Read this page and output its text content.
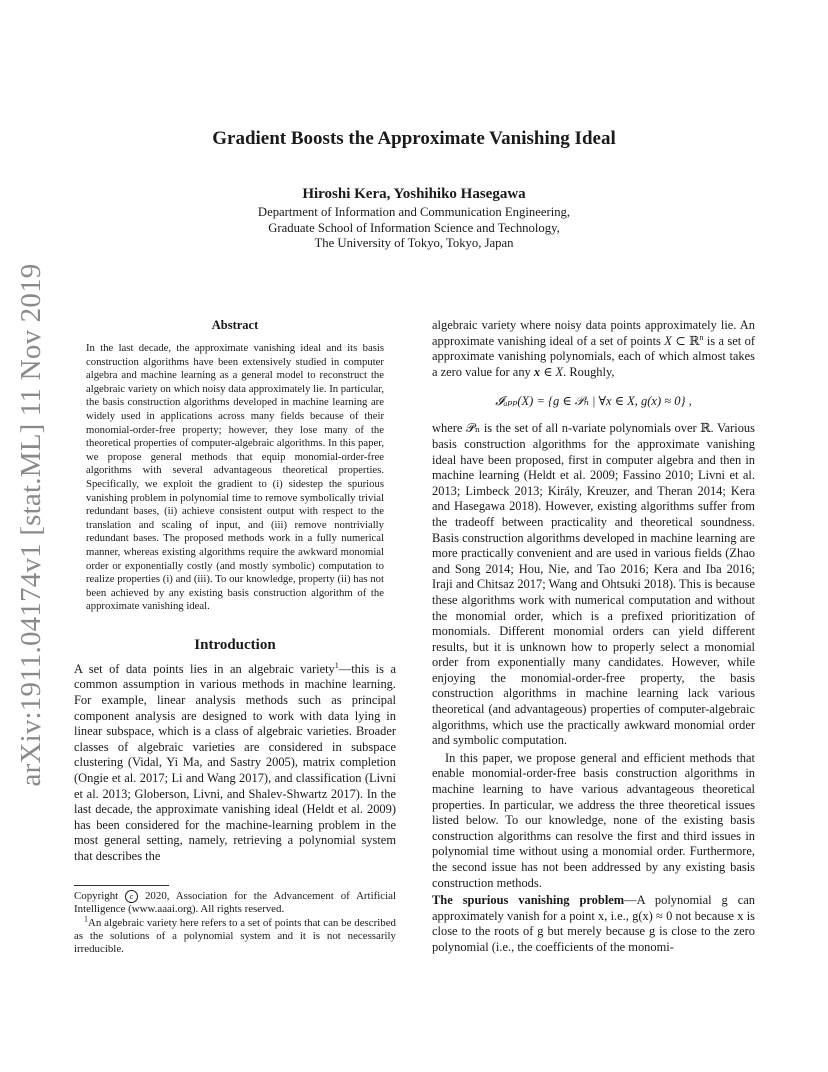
arXiv:1911.04174v1 [stat.ML] 11 Nov 2019
Gradient Boosts the Approximate Vanishing Ideal
Hiroshi Kera, Yoshihiko Hasegawa
Department of Information and Communication Engineering,
Graduate School of Information Science and Technology,
The University of Tokyo, Tokyo, Japan
Abstract

In the last decade, the approximate vanishing ideal and its basis construction algorithms have been extensively studied in computer algebra and machine learning as a general model to reconstruct the algebraic variety on which noisy data approximately lie. In particular, the basis construction algorithms developed in machine learning are widely used in applications across many fields because of their monomial-order-free property; however, they lose many of the theoretical properties of computer-algebraic algorithms. In this paper, we propose general methods that equip monomial-order-free algorithms with several advantageous theoretical properties. Specifically, we exploit the gradient to (i) sidestep the spurious vanishing problem in polynomial time to remove symbolically trivial redundant bases, (ii) achieve consistent output with respect to the translation and scaling of input, and (iii) remove nontrivially redundant bases. The proposed methods work in a fully numerical manner, whereas existing algorithms require the awkward monomial order or exponentially costly (and mostly symbolic) computation to realize properties (i) and (iii). To our knowledge, property (ii) has not been achieved by any existing basis construction algorithm of the approximate vanishing ideal.

Introduction

A set of data points lies in an algebraic variety$^1$—this is a common assumption in various methods in machine learning. For example, linear analysis methods such as principal component analysis are designed to work with data lying in linear subspace, which is a class of algebraic varieties. Broader classes of algebraic varieties are considered in subspace clustering (Vidal, Yi Ma, and Sastry 2005), matrix completion (Ongie et al. 2017; Li and Wang 2017), and classification (Livni et al. 2013; Globerson, Livni, and Shalev-Shwartz 2017). In the last decade, the approximate vanishing ideal (Heldt et al. 2009) has been considered for the machine-learning problem in the most general setting, namely, retrieving a polynomial system that describes the

Copyright c 2020, Association for the Advancement of Artificial Intelligence (www.aaai.org). All rights reserved.

$^1$An algebraic variety here refers to a set of points that can be described as the solutions of a polynomial system and it is not necessarily irreducible.

algebraic variety where noisy data points approximately lie. An approximate vanishing ideal of a set of points X ⊂ ℝ$^n$ is a set of approximate vanishing polynomials, each of which almost takes a zero value for any x ∈ X. Roughly,

𝓘ₐₚₚ(X) = {g ∈ 𝒫ₙ | ∀x ∈ X, g(x) ≈ 0} ,

where 𝒫ₙ is the set of all n-variate polynomials over ℝ. Various basis construction algorithms for the approximate vanishing ideal have been proposed, first in computer algebra and then in machine learning (Heldt et al. 2009; Fassino 2010; Livni et al. 2013; Limbeck 2013; Király, Kreuzer, and Theran 2014; Kera and Hasegawa 2018). However, existing algorithms suffer from the tradeoff between practicality and theoretical soundness. Basis construction algorithms developed in machine learning are more practically convenient and are used in various fields (Zhao and Song 2014; Hou, Nie, and Tao 2016; Kera and Iba 2016; Iraji and Chitsaz 2017; Wang and Ohtsuki 2018). This is because these algorithms work with numerical computation and without the monomial order, which is a prefixed prioritization of monomials. Different monomial orders can yield different results, but it is unknown how to properly select a monomial order from exponentially many candidates. However, while enjoying the monomial-order-free property, the basis construction algorithms in machine learning lack various theoretical (and advantageous) properties of computer-algebraic algorithms, which use the practically awkward monomial order and symbolic computation.

In this paper, we propose general and efficient methods that enable monomial-order-free basis construction algorithms in machine learning to have various advantageous theoretical properties. In particular, we address the three theoretical issues listed below. To our knowledge, none of the existing basis construction algorithms can resolve the first and third issues in polynomial time without using a monomial order. Furthermore, the second issue has not been addressed by any existing basis construction methods.

The spurious vanishing problem—A polynomial g can approximately vanish for a point x, i.e., g(x) ≈ 0 not because x is close to the roots of g but merely because g is close to the zero polynomial (i.e., the coefficients of the monomi-
